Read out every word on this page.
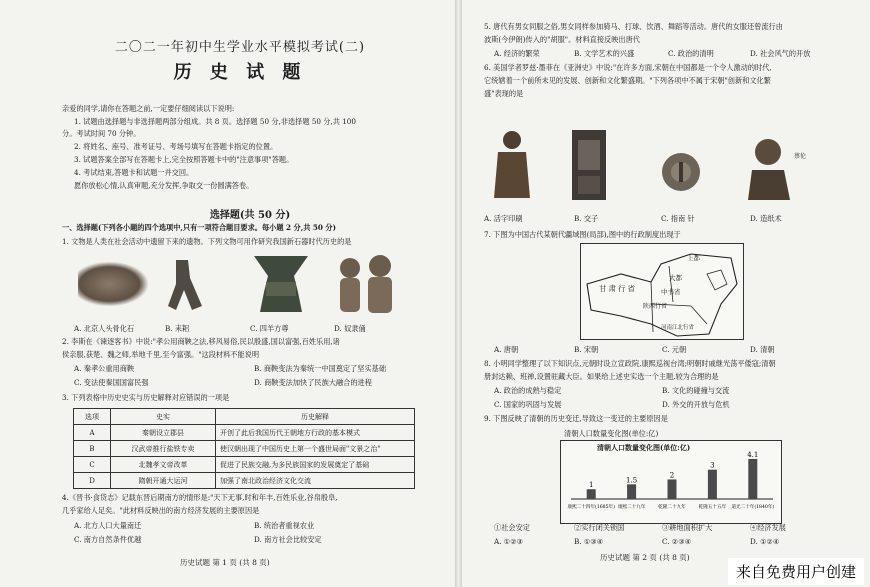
二〇二一年初中生学业水平模拟考试(二)
历 史 试 题
亲爱的同学,请你在答题之前,一定要仔细阅读以下说明:
1. 试题由选择题与非选择题两部分组成。共 8 页。选择题 50 分,非选择题 50 分,共 100
分。考试时间 70 分钟。
2. 将姓名、座号、准考证号、考场号填写在答题卡指定的位置。
3. 试题答案全部写在答题卡上,完全按照答题卡中的"注意事项"答题。
4. 考试结束,答题卡和试题一并交回。
愿你放松心情,认真审题,充分发挥,争取交一份圆满答卷。
选择题(共 50 分)
一、选择题(下列各小题的四个选项中,只有一项符合题目要求。每小题 2 分,共 50 分)
1. 文物是人类在社会活动中遗留下来的遗物。下列文物可用作研究我国新石器时代历史的是
A. 北京人头骨化石	B. 耒耜	C. 四羊方尊	D. 奴隶俑
2. 李斯在《谏逐客书》中说:"孝公用商鞅之法,移风易俗,民以殷盛,国以富强,百姓乐用,诸
侯亲服,获楚、魏之师,举地千里,至今富强。"这段材料不能说明
A. 秦孝公重用商鞅	B. 商鞅变法为秦统一中国奠定了坚实基础
C. 变法使秦国国富民强	D. 商鞅变法加快了民族大融合的进程
3. 下列表格中历史史实与历史解释对应错误的一项是
选项	史实	历史解释
A	秦朝设立郡县	开创了此后我国历代王朝地方行政的基本模式
B	汉武帝推行盐铁专卖	使汉朝出现了中国历史上第一个盛世局面"文景之治"
C	北魏孝文帝改革	促进了民族交融,为多民族国家的发展奠定了基础
D	隋朝开通大运河	加强了南北政治经济文化交流
4.《晋书·食货志》记载东晋后期南方的情形是:"天下无事,时和年丰,百姓乐业,谷帛殷阜,
几乎家给人足矣。"此材料反映出的南方经济发展的主要原因是
A. 北方人口大量南迁	B. 统治者重视农业
C. 南方自然条件优越	D. 南方社会比较安定
历史试题 第 1 页 (共 8 页)
5. 唐代有男女同服之俗,男女同样参加骑马、打球、饮酒、舞蹈等活动。唐代的女服还曾流行由
波斯(今伊朗)传入的"胡服"。材料直接反映出唐代
A. 经济的繁荣	B. 文学艺术的兴盛	C. 政治的清明	D. 社会风气的开放
6. 美国学者罗兹·墨菲在《亚洲史》中说:"在许多方面,宋朝在中国都是一个令人激动的时代,
它统辖着一个前所未见的发展、创新和文化繁盛期。"下列各项中不属于宋朝"创新和文化繁
盛"表现的是
蔡伦
A. 活字印刷	B. 交子	C. 指南 针	D. 造纸术
7. 下图为中国古代某朝代疆域图(局部),图中的行政制度出现于
上都
大都
中书省
甘肃行省
陕西行省
河南江北行省
A. 唐朝	B. 宋朝	C. 元朝	D. 清朝
8. 小明同学整理了以下知识点,元朝时设立宣政院,康熙巡视台湾;明朝时戚继光荡平倭寇;清朝
册封达赖、班禅,设置驻藏大臣。如果给上述史实选一个主题,较为合理的是
A. 政治的成熟与稳定	B. 文化的碰撞与交流
C. 国家的巩固与发展	D. 外交的开放与危机
9. 下图反映了清朝的历史变迁,导致这一变迁的主要原因是
清朝人口数量变化图(单位:亿)
清朝人口数量变化图(单位:亿)
1
康熙二十四年(1685年)
1.5
康熙二十九年
2
乾隆二十九年
3
乾隆五十五年
4.1
道光二十年(1840年)
①社会安定	②实行闭关锁国	③耕地面积扩大	④经济发展
A. ①②③	B. ①③④	C. ②③④	D. ①②④
历史试题 第 2 页 (共 8 页)
来自免费用户创建
